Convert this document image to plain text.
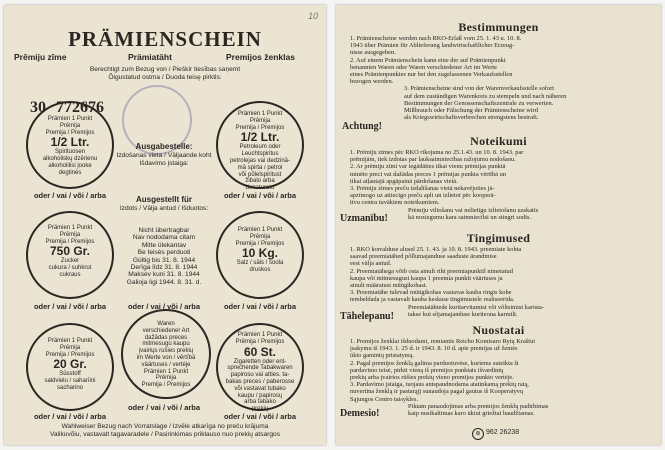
10
PRÄMIENSCHEIN
Prēmiju zīme	Prämiatäht	Premijos ženklas
Berechtigt zum Bezug von / Pieškir tiesības saņemt
Õigustatud ostma / Duoda teisę pirktis:
30 772676
Prämien 1 Punkt
Prēmija
Premija / Premijos
1/2 Ltr.
Spirituosen
alkoholiskų dzērienu
alkoholilisi jooke
degtinės
Prämien 1 Punkt
Prēmija
Premija / Premijos
1/2 Ltr.
Petroleum oder
Leuchtspiritus
petrolejas vai dedzinā-
mā spirta / petrol
või põlelspiritust
žibalo arba
denaturato
Ausgabestelle:
Izdošanas vieta / Väljaande koht
Išdavimo įstaiga:
oder / vai / või / arba	oder / vai / või / arba
Ausgestellt für
Izdots / Välja antud / Išduotos:
Prämien 1 Punkt
Prēmija
Premija / Premijos
750 Gr.
Zucker
cukura / suhkrut
cukraus
Prämien 1 Punkt
Prēmija
Premija / Premijos
10 Kg.
Salz / sāls / soola
druskos
Nicht übertragbar
Nav nododama citam
Mitte ülekantav
Be teisės perduoti
Gültig bis 31. 8. 1944
Derīga līdz 31. 8. 1944
Maksev kuni 31. 8. 1944
Galioja ligi 1944. 8. 31. d.
oder / vai / või / arba	oder / vai / või / arba	oder / vai / või / arba
Prämien 1 Punkt
Prēmija
Premija / Premijos
20 Gr.
Süsstoff
saldvielu / saharīini
sacharino
Waren
verschiedener Art
dažādas preces
mitmesugu kaupu
įvairiųs rušies prekių
im Werte von / vērtībā
väärtuses / vertėje
Prämien 1 Punkt
Prēmija
Premija / Premijos
Prämien 1 Punkt
Prēmija / Premijos
60 St.
Zigaretten oder ent-
sprechende Tabakwaren
papirosu vai atties. ta-
bakas preces / paberosse
või vastavat tubako
kaupu / papirosų
arba tabako
prekių
oder / vai / või / arba
oder / vai / või / arba
oder / vai / või / arba
Wahlweiser Bezug nach Vorratslage / Izvēle atkarīga no preču krājuma
Valikuvõiu, vastavalt tagavaradele / Pasirinkimas priklauso nuo prekių atsargos
Bestimmungen
1. Prämienscheine werden nach RKO-Erlaß vom 25. 1. 43 u. 10. 8.
1943 über Prämien für Ablieferung landwirtschaftlicher Erzeug-
nisse ausgegeben.
2. Auf einem Prämienschein kann eine der auf Prämienpunkt
benannten Waren oder Waren verschiedener Art im Werte
eines Prämienpunktes nur bei den zugelassenen Verkaufsstellen
bezogen werden.
3. Prämienscheine sind von der Warenverkaufsstelle sofort
auf dem zuständigen Warenkreis zu stempeln und nach näheren
Bestimmungen der Genossenschaftszentrale zu verwerten.
Mißbrauch oder Fälschung der Prämienscheine wird
als Kriegswirtschaftsverbrechen strengstens bestraft.
Achtung!
Noteikumi
1. Prēmiju zīmes pēc RKO rīkojuma no 25.1.43. un 10. 8. 1943. par
prēmijām, tiek izdotas par lauksaimniecības ražojumu nodošanu.
2. Ar prēmiju zīmi var iegādāties tikai vienu prēmijas punktā
minēto preci vai dažādas preces 1 prēmijas punkta vērtībā un
tikai atļautajā apgāpainā pārdošanas vietā.
3. Prēmiju zīmes preču izdalīšanas vietā nekavējoties jā-
apzīmogo uz attiecīgo preču apli un izlietot pēc kooperā-
tīvu centra tuvākiem noteikumiem.
Prēmiju viltošanu vai nelietīgu izlietošanu uzskatīs
kā noziegumu kara saimniecībā un stingri sodīs.
Uzmanību!
Tingimused
1. RKO korralduse alusel 25. 1. 43. ja 10. 8. 1943. preemiate kohta
saavad preemiatähed põllumajanduse saaduste ärandmise
eest välja antud.
2. Preemiatähega võib osta ainult riht preemiapunktil nimetatud
kaupa või mitmesugust kaupa 1 preemia punkti väärtuses ja
ainult määratust müügikohast.
3. Preemiatähe tulevad müügikohas vastavas kauba ringis kohe
tembeldada ja vastavalt kauba keskuse tingimustele realiseerida.
Preemiatähtede kuritarvitamist või võltsimist karista-
takse kui sõjamajanduse kuriteona karmilt.
Tähelepanu!
Nuostatai
1. Premijos ženklai išduodami, remiantis Reicho Komisaro Rytų Kraštui
įsakymu iš 1943. 1. 25 d. ir 1943. 8. 10 d. apie premijas už žemės
ūkio gaminių pristatymą.
2. Pagal premijos ženklą galima parduotuvėse, kuriems suteikta ši
pardavimo teisė, pirkti vieną iš premijos punktais išvardintų
prekių arba įvairios rūšies prekių vieno premijos punkto vertėje.
3. Pardavimo įstaiga, tuojaus antspaudnodama atatinkamą prekių ratą,
nuvertina ženklą ir pastarąjį sunaudoja pagal gautus iš Kooperatyvų
Sąjungos Centro taisykles.
Piktam panaudojimas arba premijos ženklų padirbimas
kaip nusikaltimas karo ūkiui griežtai baudžiamas.
Demesio!
⊛ 962 26238
